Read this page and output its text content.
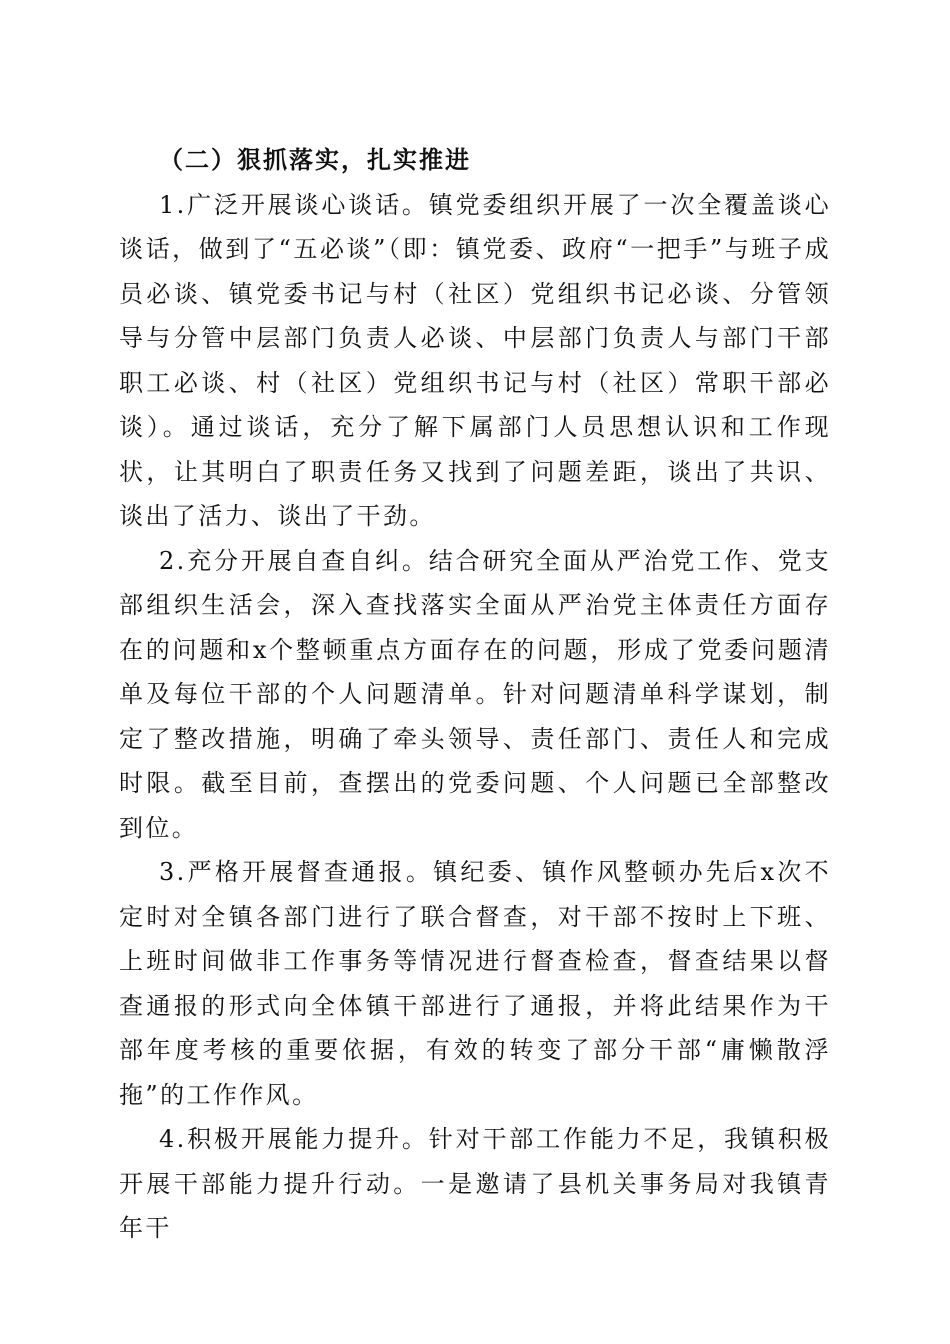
（二）狠抓落实，扎实推进

1.广泛开展谈心谈话。镇党委组织开展了一次全覆盖谈心谈话，做到了“五必谈”（即：镇党委、政府“一把手”与班子成员必谈、镇党委书记与村（社区）党组织书记必谈、分管领导与分管中层部门负责人必谈、中层部门负责人与部门干部职工必谈、村（社区）党组织书记与村（社区）常职干部必谈）。通过谈话，充分了解下属部门人员思想认识和工作现状，让其明白了职责任务又找到了问题差距，谈出了共识、谈出了活力、谈出了干劲。

2.充分开展自查自纠。结合研究全面从严治党工作、党支部组织生活会，深入查找落实全面从严治党主体责任方面存在的问题和x个整顿重点方面存在的问题，形成了党委问题清单及每位干部的个人问题清单。针对问题清单科学谋划，制定了整改措施，明确了牵头领导、责任部门、责任人和完成时限。截至目前，查摆出的党委问题、个人问题已全部整改到位。

3.严格开展督查通报。镇纪委、镇作风整顿办先后x次不定时对全镇各部门进行了联合督查，对干部不按时上下班、上班时间做非工作事务等情况进行督查检查，督查结果以督查通报的形式向全体镇干部进行了通报，并将此结果作为干部年度考核的重要依据，有效的转变了部分干部“庸懒散浮拖”的工作作风。

4.积极开展能力提升。针对干部工作能力不足，我镇积极开展干部能力提升行动。一是邀请了县机关事务局对我镇青年干
